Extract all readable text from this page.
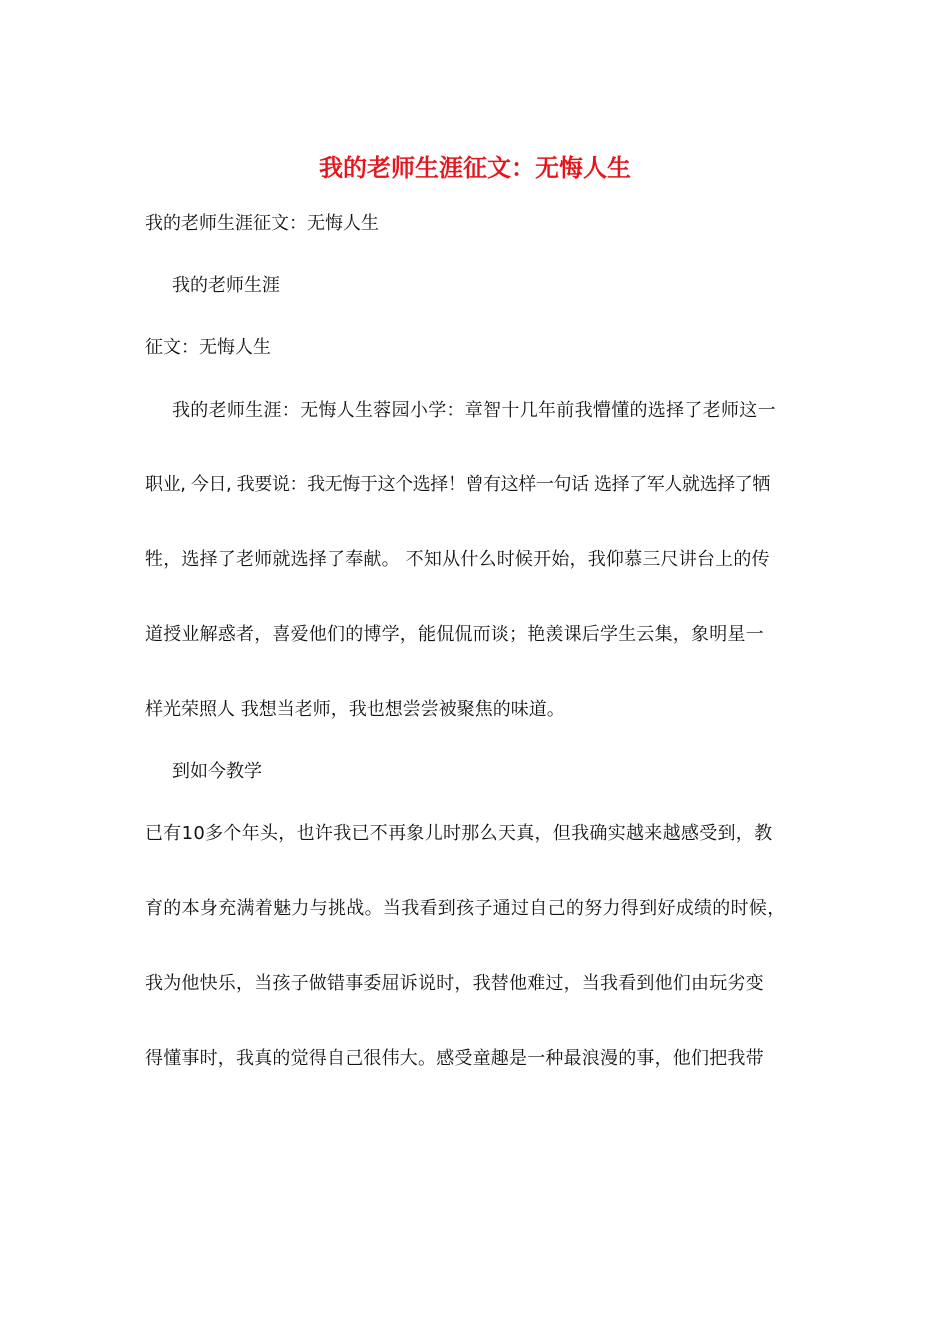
我的老师生涯征文：无悔人生

我的老师生涯征文：无悔人生

我的老师生涯

征文：无悔人生

我的老师生涯：无悔人生蓉园小学：章智十几年前我懵懂的选择了老师这一

职业, 今日, 我要说：我无悔于这个选择！曾有这样一句话 选择了军人就选择了牺

牲，选择了老师就选择了奉献。 不知从什么时候开始，我仰慕三尺讲台上的传

道授业解惑者，喜爱他们的博学，能侃侃而谈；艳羡课后学生云集，象明星一

样光荣照人 我想当老师，我也想尝尝被聚焦的味道。

到如今教学

已有10多个年头，也许我已不再象儿时那么天真，但我确实越来越感受到，教

育的本身充满着魅力与挑战。当我看到孩子通过自己的努力得到好成绩的时候，

我为他快乐，当孩子做错事委屈诉说时，我替他难过，当我看到他们由玩劣变

得懂事时，我真的觉得自己很伟大。感受童趣是一种最浪漫的事，他们把我带
